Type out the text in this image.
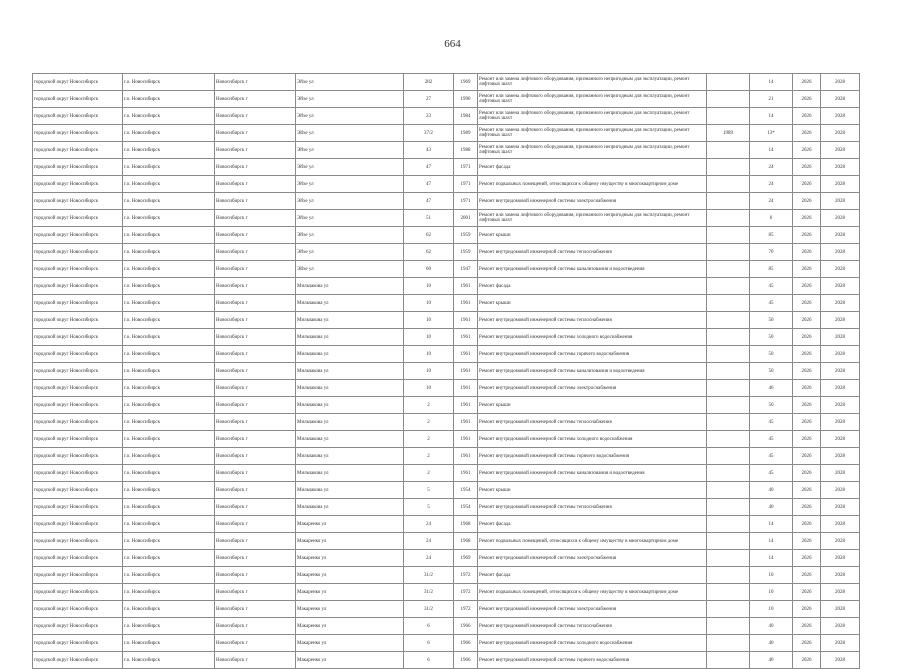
664
городской округ Новосибирск	г.о. Новосибирск	Новосибирск г	Эйхе ул	282	1969	Ремонт или замена лифтового оборудования, признанного непригодным для эксплуатации, ремонт лифтовых шахт		14	2026	2028
городской округ Новосибирск	г.о. Новосибирск	Новосибирск г	Эйхе ул	27	1990	Ремонт или замена лифтового оборудования, признанного непригодным для эксплуатации, ремонт лифтовых шахт		21	2026	2028
городской округ Новосибирск	г.о. Новосибирск	Новосибирск г	Эйхе ул	23	1984	Ремонт или замена лифтового оборудования, признанного непригодным для эксплуатации, ремонт лифтовых шахт		14	2026	2028
городской округ Новосибирск	г.о. Новосибирск	Новосибирск г	Эйхе ул	37/2	1989	Ремонт или замена лифтового оборудования, признанного непригодным для эксплуатации, ремонт лифтовых шахт	1989	13*	2026	2028
городской округ Новосибирск	г.о. Новосибирск	Новосибирск г	Эйхе ул	43	1988	Ремонт или замена лифтового оборудования, признанного непригодным для эксплуатации, ремонт лифтовых шахт		14	2026	2028
городской округ Новосибирск	г.о. Новосибирск	Новосибирск г	Эйхе ул	47	1971	Ремонт фасада		24	2026	2028
городской округ Новосибирск	г.о. Новосибирск	Новосибирск г	Эйхе ул	47	1971	Ремонт подвальных помещений, относящихся к общему имуществу в многоквартирном доме		24	2026	2028
городской округ Новосибирск	г.о. Новосибирск	Новосибирск г	Эйхе ул	47	1971	Ремонт внутридомовой инженерной системы электроснабжения		24	2026	2028
городской округ Новосибирск	г.о. Новосибирск	Новосибирск г	Эйхе ул	51	2001	Ремонт или замена лифтового оборудования, признанного непригодным для эксплуатации, ремонт лифтовых шахт		6	2026	2028
городской округ Новосибирск	г.о. Новосибирск	Новосибирск г	Эйхе ул	62	1959	Ремонт крыши		85	2026	2028
городской округ Новосибирск	г.о. Новосибирск	Новосибирск г	Эйхе ул	62	1959	Ремонт внутридомовой инженерной системы теплоснабжения		70	2026	2028
городской округ Новосибирск	г.о. Новосибирск	Новосибирск г	Эйхе ул	60	1947	Ремонт внутридомовой инженерной системы канализования и водоотведения		85	2026	2028
городской округ Новосибирск	г.о. Новосибирск	Новосибирск г	Мильчакова ул	10	1961	Ремонт фасада		45	2026	2028
городской округ Новосибирск	г.о. Новосибирск	Новосибирск г	Мильчакова ул	10	1961	Ремонт крыши		45	2026	2028
городской округ Новосибирск	г.о. Новосибирск	Новосибирск г	Мильчакова ул	10	1961	Ремонт внутридомовой инженерной системы теплоснабжения		50	2026	2028
городской округ Новосибирск	г.о. Новосибирск	Новосибирск г	Мильчакова ул	10	1961	Ремонт внутридомовой инженерной системы холодного водоснабжения		50	2026	2028
городской округ Новосибирск	г.о. Новосибирск	Новосибирск г	Мильчакова ул	10	1961	Ремонт внутридомовой инженерной системы горячего водоснабжения		50	2026	2028
городской округ Новосибирск	г.о. Новосибирск	Новосибирск г	Мильчакова ул	10	1961	Ремонт внутридомовой инженерной системы канализования и водоотведения		50	2026	2028
городской округ Новосибирск	г.о. Новосибирск	Новосибирск г	Мильчакова ул	10	1961	Ремонт внутридомовой инженерной системы электроснабжения		46	2026	2028
городской округ Новосибирск	г.о. Новосибирск	Новосибирск г	Мильчакова ул	2	1961	Ремонт крыши		50	2026	2028
городской округ Новосибирск	г.о. Новосибирск	Новосибирск г	Мильчакова ул	2	1961	Ремонт внутридомовой инженерной системы теплоснабжения		45	2026	2028
городской округ Новосибирск	г.о. Новосибирск	Новосибирск г	Мильчакова ул	2	1961	Ремонт внутридомовой инженерной системы холодного водоснабжения		45	2026	2028
городской округ Новосибирск	г.о. Новосибирск	Новосибирск г	Мильчакова ул	2	1961	Ремонт внутридомовой инженерной системы горячего водоснабжения		45	2026	2028
городской округ Новосибирск	г.о. Новосибирск	Новосибирск г	Мильчакова ул	2	1961	Ремонт внутридомовой инженерной системы канализования и водоотведения		45	2026	2028
городской округ Новосибирск	г.о. Новосибирск	Новосибирск г	Мильчакова ул	5	1954	Ремонт крыши		40	2026	2028
городской округ Новосибирск	г.о. Новосибирск	Новосибирск г	Мильчакова ул	5	1954	Ремонт внутридомовой инженерной системы теплоснабжения		40	2026	2028
городской округ Новосибирск	г.о. Новосибирск	Новосибирск г	Макаренко ул	24	1968	Ремонт фасада		14	2026	2028
городской округ Новосибирск	г.о. Новосибирск	Новосибирск г	Макаренко ул	24	1968	Ремонт подвальных помещений, относящихся к общему имуществу в многоквартирном доме		14	2026	2028
городской округ Новосибирск	г.о. Новосибирск	Новосибирск г	Макаренко ул	24	1969	Ремонт внутридомовой инженерной системы электроснабжения		14	2026	2028
городской округ Новосибирск	г.о. Новосибирск	Новосибирск г	Макаренко ул	31/2	1972	Ремонт фасада		10	2026	2028
городской округ Новосибирск	г.о. Новосибирск	Новосибирск г	Макаренко ул	31/2	1972	Ремонт подвальных помещений, относящихся к общему имуществу в многоквартирном доме		10	2026	2028
городской округ Новосибирск	г.о. Новосибирск	Новосибирск г	Макаренко ул	31/2	1972	Ремонт внутридомовой инженерной системы электроснабжения		10	2026	2028
городской округ Новосибирск	г.о. Новосибирск	Новосибирск г	Макаренко ул	6	1966	Ремонт внутридомовой инженерной системы теплоснабжения		40	2026	2028
городской округ Новосибирск	г.о. Новосибирск	Новосибирск г	Макаренко ул	6	1966	Ремонт внутридомовой инженерной системы холодного водоснабжения		40	2026	2028
городской округ Новосибирск	г.о. Новосибирск	Новосибирск г	Макаренко ул	6	1966	Ремонт внутридомовой инженерной системы горячего водоснабжения		40	2026	2028
